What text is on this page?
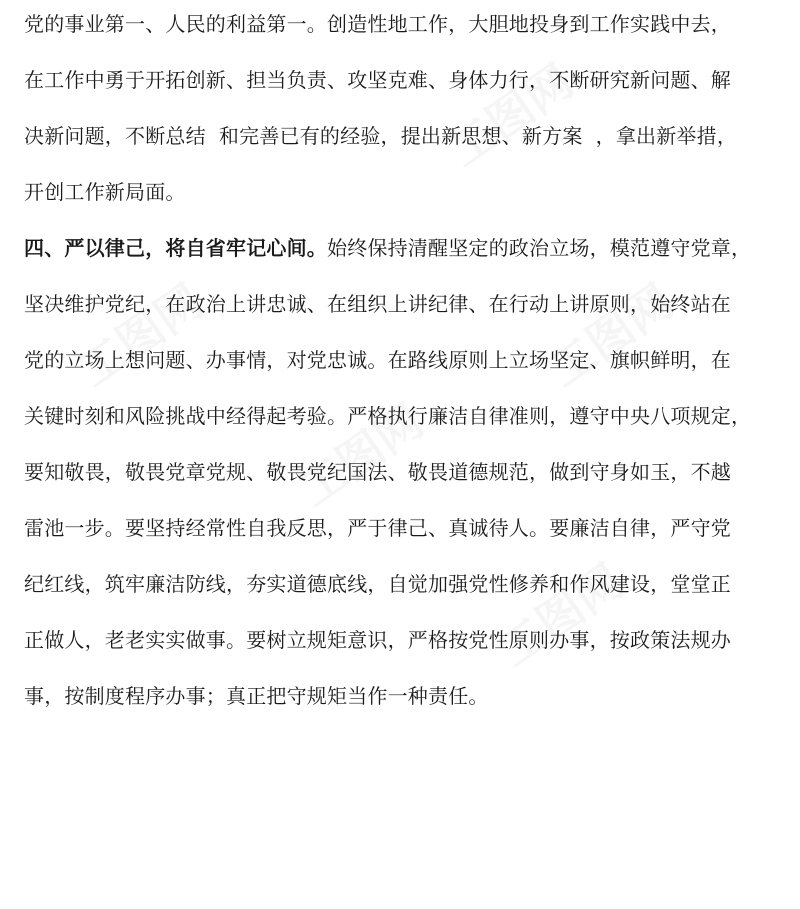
工图网
工图网	工图网
工图网
工图网
党的事业第一、人民的利益第一。创造性地工作，大胆地投身到工作实践中去，
在工作中勇于开拓创新、担当负责、攻坚克难、身体力行，不断研究新问题、解
决新问题，不断总结  和完善已有的经验，提出新思想、新方案  ，拿出新举措，
开创工作新局面。
四、严以律己，将自省牢记心间。始终保持清醒坚定的政治立场，模范遵守党章，
坚决维护党纪，在政治上讲忠诚、在组织上讲纪律、在行动上讲原则，始终站在
党的立场上想问题、办事情，对党忠诚。在路线原则上立场坚定、旗帜鲜明，在
关键时刻和风险挑战中经得起考验。严格执行廉洁自律准则，遵守中央八项规定，
要知敬畏，敬畏党章党规、敬畏党纪国法、敬畏道德规范，做到守身如玉，不越
雷池一步。要坚持经常性自我反思，严于律己、真诚待人。要廉洁自律，严守党
纪红线，筑牢廉洁防线，夯实道德底线，自觉加强党性修养和作风建设，堂堂正
正做人，老老实实做事。要树立规矩意识，严格按党性原则办事，按政策法规办
事，按制度程序办事；真正把守规矩当作一种责任。
